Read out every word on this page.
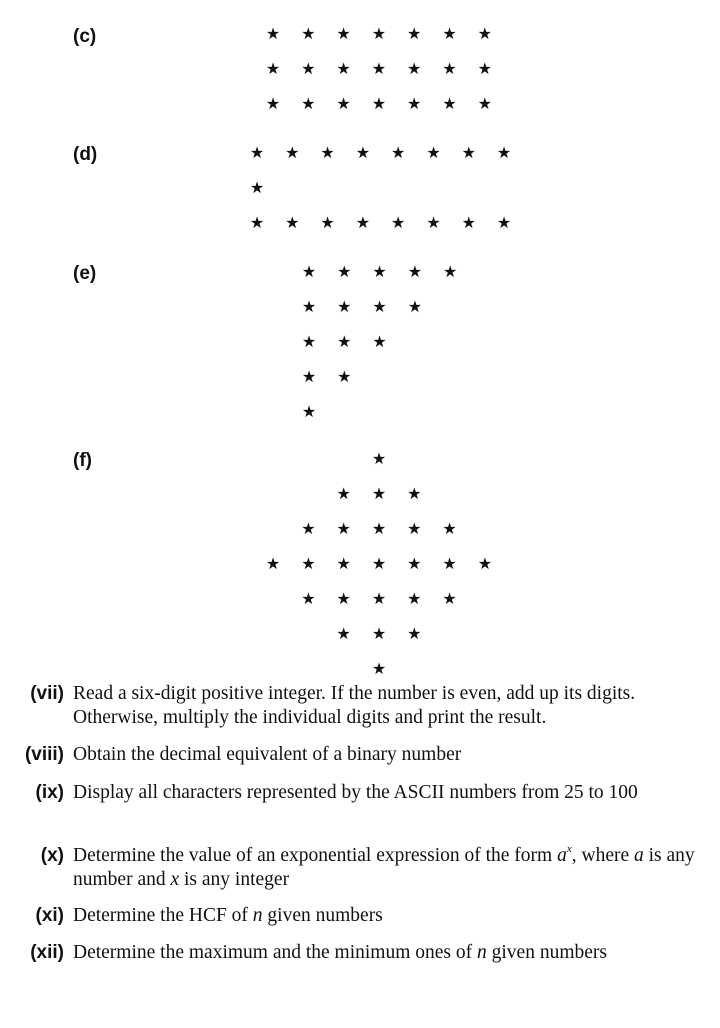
(c)
(d)
(e)
(f)
★ ★ ★ ★ ★ ★ ★
★ ★ ★ ★ ★ ★ ★
★ ★ ★ ★ ★ ★ ★
★ ★ ★ ★ ★ ★ ★ ★
★
★ ★ ★ ★ ★ ★ ★ ★
★ ★ ★ ★ ★
★ ★ ★ ★
★ ★ ★
★ ★
★
★
★ ★ ★
★ ★ ★ ★ ★
★ ★ ★ ★ ★ ★ ★
★ ★ ★ ★ ★
★ ★ ★
★
(vii) Read a six-digit positive integer. If the number is even, add up its digits. Otherwise, multiply the individual digits and print the result.
(viii) Obtain the decimal equivalent of a binary number
(ix) Display all characters represented by the ASCII numbers from 25 to 100
(x) Determine the value of an exponential expression of the form $a^x$, where a is any number and x is any integer
(xi) Determine the HCF of n given numbers
(xii) Determine the maximum and the minimum ones of n given numbers
